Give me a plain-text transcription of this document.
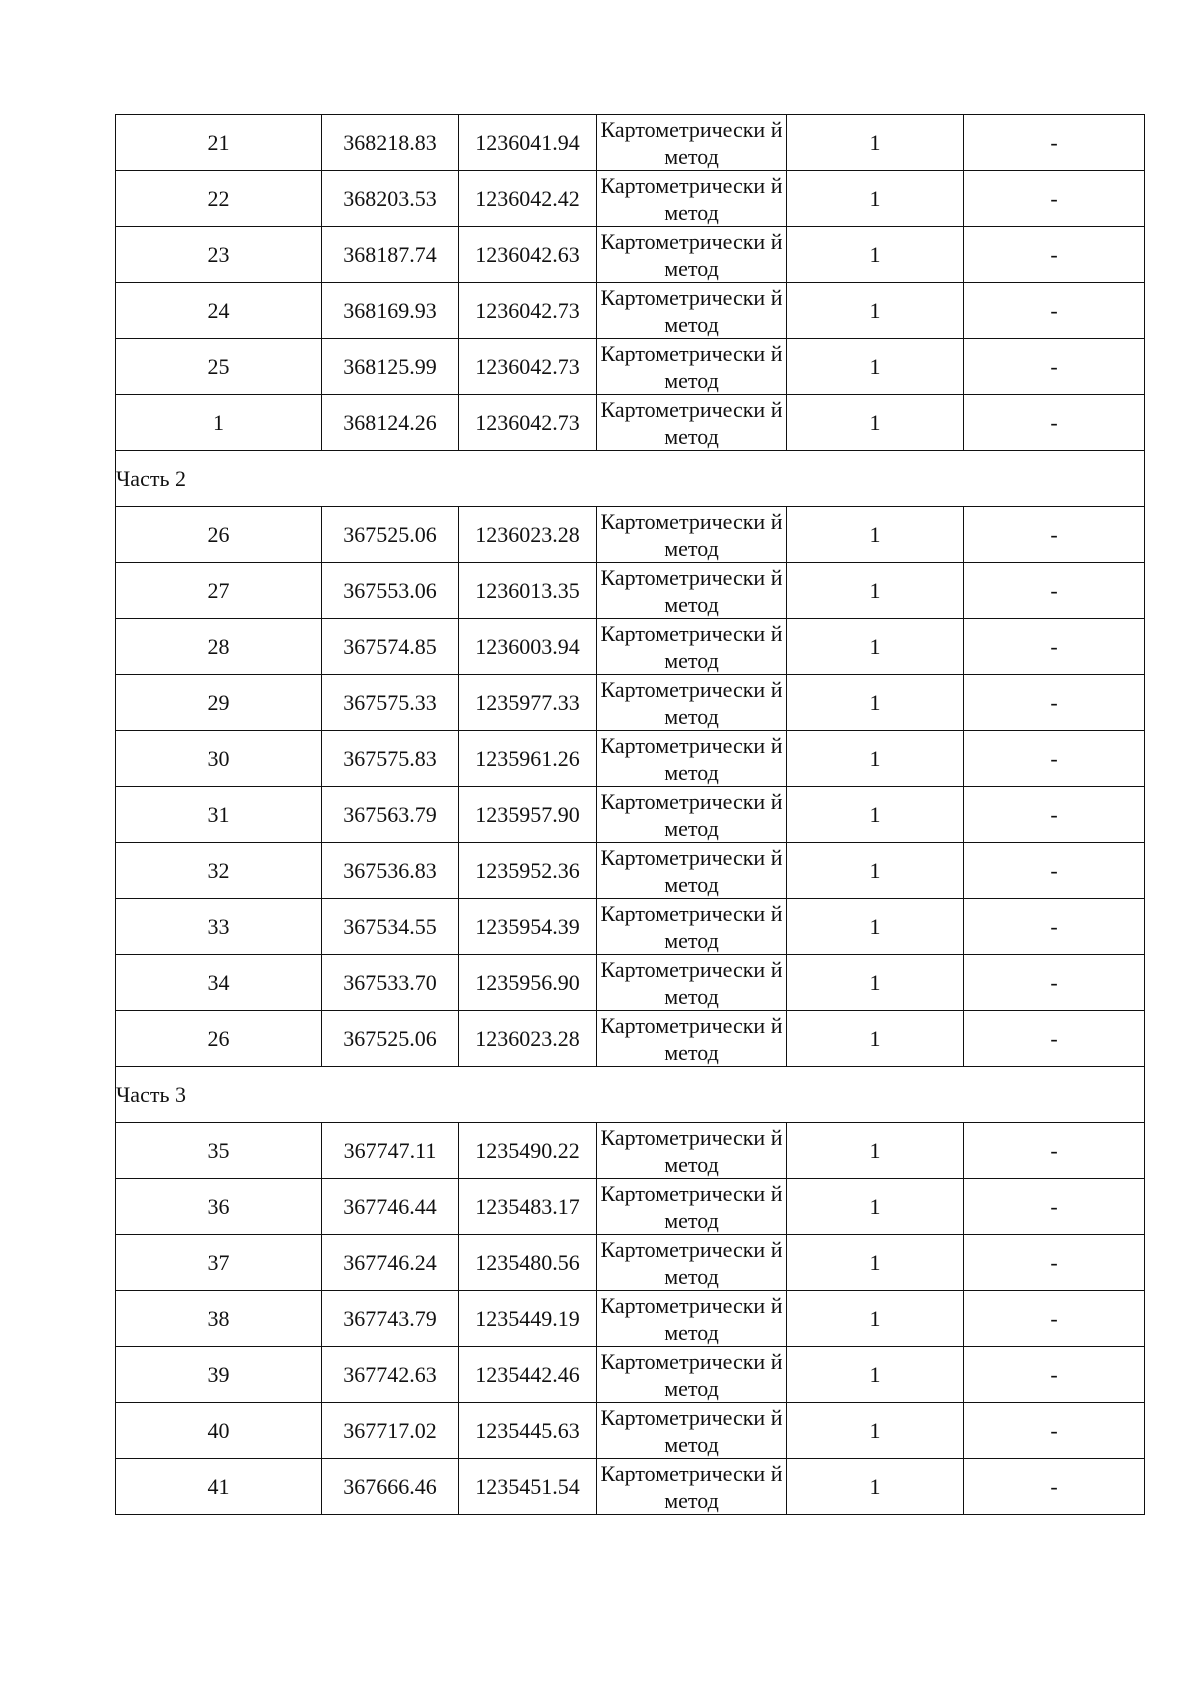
21	368218.83	1236041.94	Картометрически й метод	1	-
22	368203.53	1236042.42	Картометрически й метод	1	-
23	368187.74	1236042.63	Картометрически й метод	1	-
24	368169.93	1236042.73	Картометрически й метод	1	-
25	368125.99	1236042.73	Картометрически й метод	1	-
1	368124.26	1236042.73	Картометрически й метод	1	-
Часть 2					
26	367525.06	1236023.28	Картометрически й метод	1	-
27	367553.06	1236013.35	Картометрически й метод	1	-
28	367574.85	1236003.94	Картометрически й метод	1	-
29	367575.33	1235977.33	Картометрически й метод	1	-
30	367575.83	1235961.26	Картометрически й метод	1	-
31	367563.79	1235957.90	Картометрически й метод	1	-
32	367536.83	1235952.36	Картометрически й метод	1	-
33	367534.55	1235954.39	Картометрически й метод	1	-
34	367533.70	1235956.90	Картометрически й метод	1	-
26	367525.06	1236023.28	Картометрически й метод	1	-
Часть 3					
35	367747.11	1235490.22	Картометрически й метод	1	-
36	367746.44	1235483.17	Картометрически й метод	1	-
37	367746.24	1235480.56	Картометрически й метод	1	-
38	367743.79	1235449.19	Картометрически й метод	1	-
39	367742.63	1235442.46	Картометрически й метод	1	-
40	367717.02	1235445.63	Картометрически й метод	1	-
41	367666.46	1235451.54	Картометрически й метод	1	-
